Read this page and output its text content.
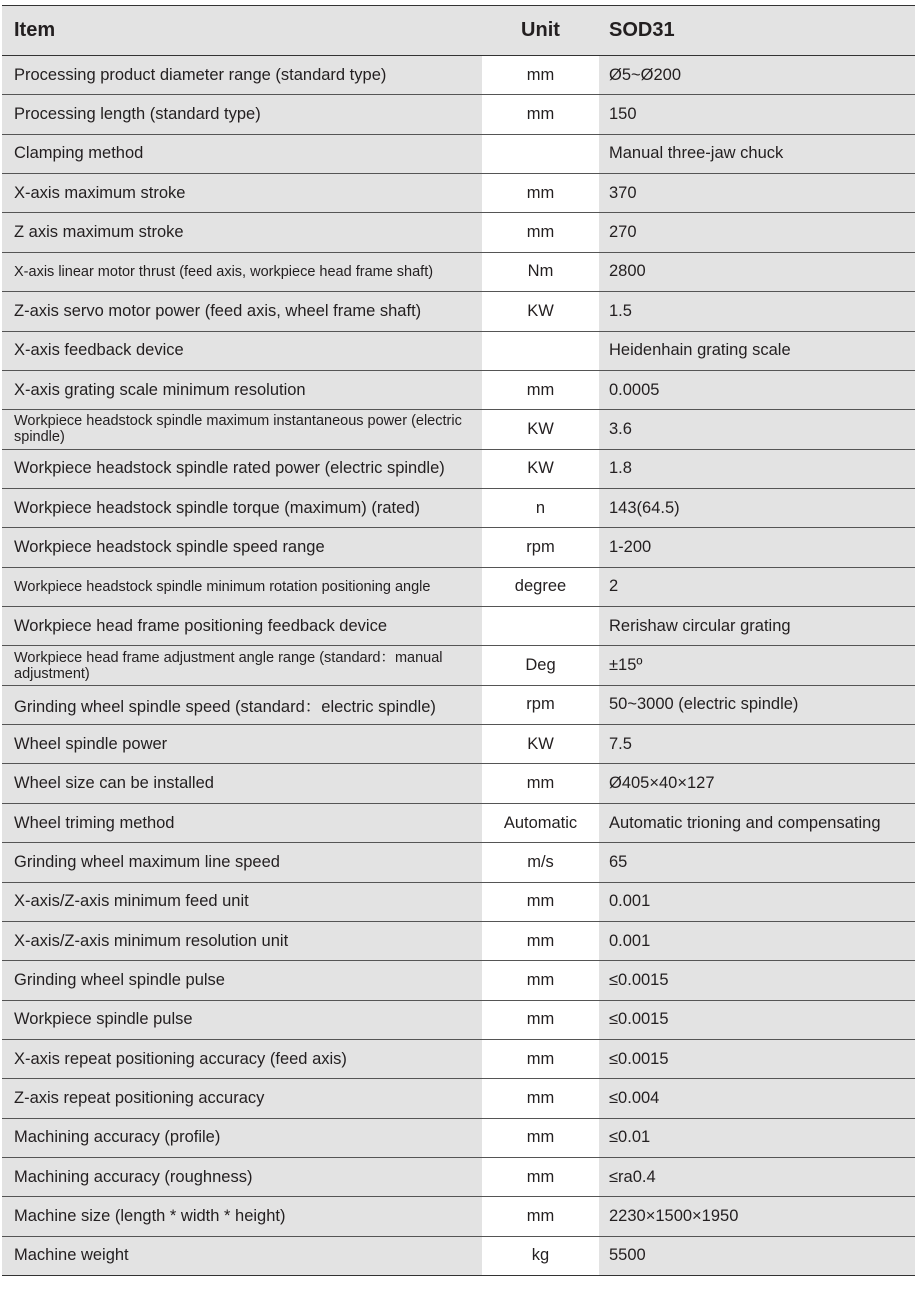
Item	Unit	SOD31
Processing product diameter range (standard type)	mm	Ø5~Ø200
Processing length (standard type)	mm	150
Clamping method		Manual three-jaw chuck
X-axis maximum stroke	mm	370
Z axis maximum stroke	mm	270
X-axis linear motor thrust (feed axis, workpiece head frame shaft)	Nm	2800
Z-axis servo motor power (feed axis, wheel frame shaft)	KW	1.5
X-axis feedback device		Heidenhain grating scale
X-axis grating scale minimum resolution	mm	0.0005
Workpiece headstock spindle maximum instantaneous power (electric spindle)	KW	3.6
Workpiece headstock spindle rated power (electric spindle)	KW	1.8
Workpiece headstock spindle torque (maximum) (rated)	n	143(64.5)
Workpiece headstock spindle speed range	rpm	1-200
Workpiece headstock spindle minimum rotation positioning angle	degree	2
Workpiece head frame positioning feedback device		Rerishaw circular grating
Workpiece head frame adjustment angle range (standard：manual adjustment)	Deg	±15º
Grinding wheel spindle speed (standard：electric spindle)	rpm	50~3000 (electric spindle)
Wheel spindle power	KW	7.5
Wheel size can be installed	mm	Ø405×40×127
Wheel triming method	Automatic	Automatic trioning and compensating
Grinding wheel maximum line speed	m/s	65
X-axis/Z-axis minimum feed unit	mm	0.001
X-axis/Z-axis minimum resolution unit	mm	0.001
Grinding wheel spindle pulse	mm	≤0.0015
Workpiece spindle pulse	mm	≤0.0015
X-axis repeat positioning accuracy (feed axis)	mm	≤0.0015
Z-axis repeat positioning accuracy	mm	≤0.004
Machining accuracy (profile)	mm	≤0.01
Machining accuracy (roughness)	mm	≤ra0.4
Machine size (length * width * height)	mm	2230×1500×1950
Machine weight	kg	5500
